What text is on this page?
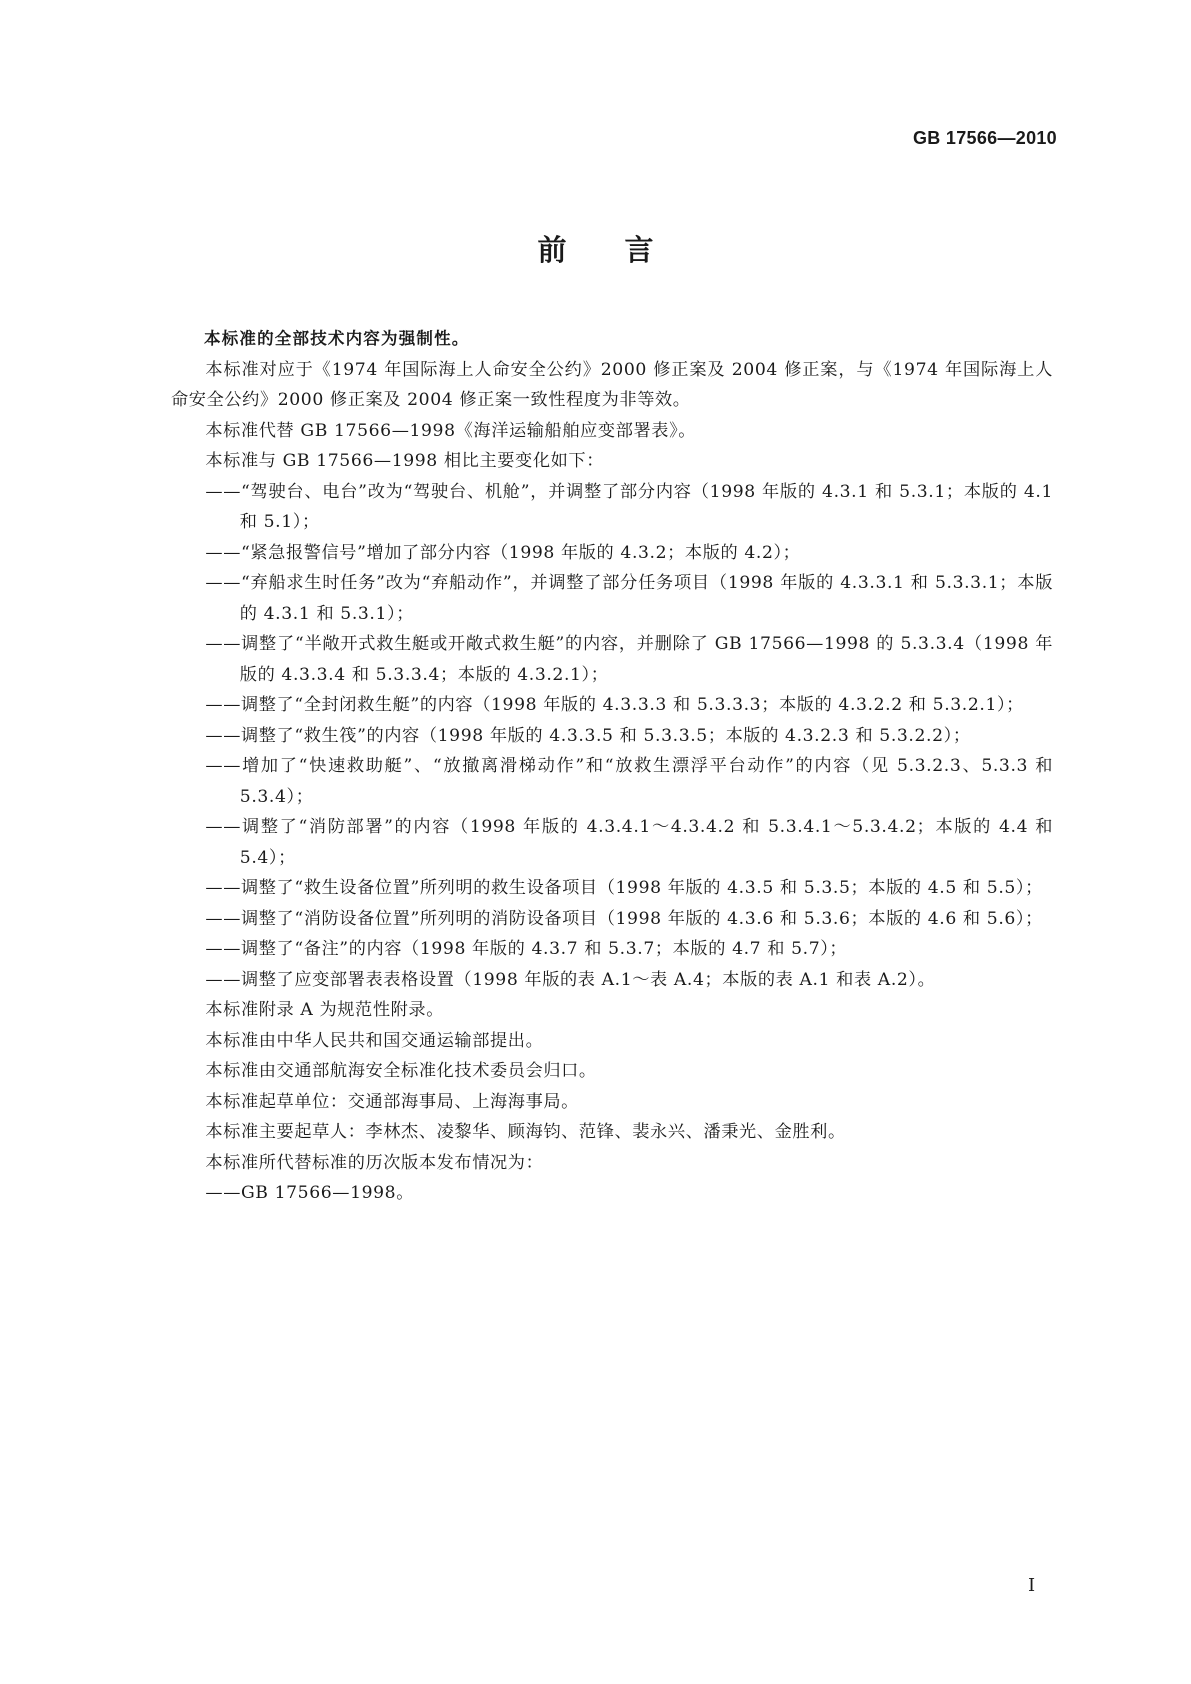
GB 17566—2010
前言

本标准的全部技术内容为强制性。

本标准对应于《1974 年国际海上人命安全公约》2000 修正案及 2004 修正案，与《1974 年国际海上人命安全公约》2000 修正案及 2004 修正案一致性程度为非等效。

本标准代替 GB 17566—1998《海洋运输船舶应变部署表》。

本标准与 GB 17566—1998 相比主要变化如下：

——“驾驶台、电台”改为“驾驶台、机舱”，并调整了部分内容（1998 年版的 4.3.1 和 5.3.1；本版的 4.1 和 5.1）；

——“紧急报警信号”增加了部分内容（1998 年版的 4.3.2；本版的 4.2）；

——“弃船求生时任务”改为“弃船动作”，并调整了部分任务项目（1998 年版的 4.3.3.1 和 5.3.3.1；本版的 4.3.1 和 5.3.1）；

——调整了“半敞开式救生艇或开敞式救生艇”的内容，并删除了 GB 17566—1998 的 5.3.3.4（1998 年版的 4.3.3.4 和 5.3.3.4；本版的 4.3.2.1）；

——调整了“全封闭救生艇”的内容（1998 年版的 4.3.3.3 和 5.3.3.3；本版的 4.3.2.2 和 5.3.2.1）；

——调整了“救生筏”的内容（1998 年版的 4.3.3.5 和 5.3.3.5；本版的 4.3.2.3 和 5.3.2.2）；

——增加了“快速救助艇”、“放撤离滑梯动作”和“放救生漂浮平台动作”的内容（见 5.3.2.3、5.3.3 和 5.3.4）；

——调整了“消防部署”的内容（1998 年版的 4.3.4.1～4.3.4.2 和 5.3.4.1～5.3.4.2；本版的 4.4 和 5.4）；

——调整了“救生设备位置”所列明的救生设备项目（1998 年版的 4.3.5 和 5.3.5；本版的 4.5 和 5.5）；

——调整了“消防设备位置”所列明的消防设备项目（1998 年版的 4.3.6 和 5.3.6；本版的 4.6 和 5.6）；

——调整了“备注”的内容（1998 年版的 4.3.7 和 5.3.7；本版的 4.7 和 5.7）；

——调整了应变部署表表格设置（1998 年版的表 A.1～表 A.4；本版的表 A.1 和表 A.2）。

本标准附录 A 为规范性附录。

本标准由中华人民共和国交通运输部提出。

本标准由交通部航海安全标准化技术委员会归口。

本标准起草单位：交通部海事局、上海海事局。

本标准主要起草人：李林杰、凌黎华、顾海钧、范锋、裴永兴、潘秉光、金胜利。

本标准所代替标准的历次版本发布情况为：

——GB 17566—1998。

I
